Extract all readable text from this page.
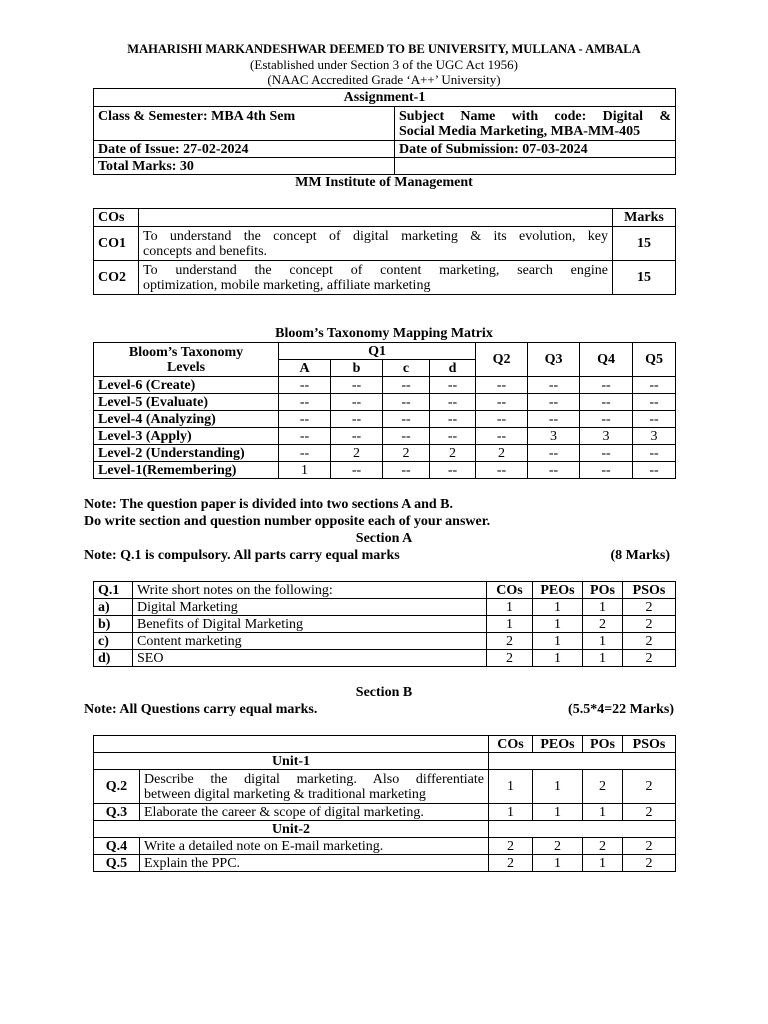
MAHARISHI MARKANDESHWAR DEEMED TO BE UNIVERSITY, MULLANA - AMBALA
(Established under Section 3 of the UGC Act 1956)
(NAAC Accredited Grade ‘A++’ University)
Assignment-1	
Class & Semester: MBA 4th Sem	Subject Name with code: Digital &
Social Media Marketing, MBA-MM-405

Date of Issue: 27-02-2024	Date of Submission: 07-03-2024
Total Marks: 30	
MM Institute of Management
COs		Marks
CO1	To understand the concept of digital marketing & its evolution, key
concepts and benefits.	15
CO2	To understand the concept of content marketing, search engine
optimization, mobile marketing, affiliate marketing	15
Bloom’s Taxonomy Mapping Matrix
Bloom’s Taxonomy
Levels	Q1				Q2	Q3	Q4	Q5
	A	b	c	d				
Level-6 (Create)	--	--	--	--	--	--	--	--
Level-5 (Evaluate)	--	--	--	--	--	--	--	--
Level-4 (Analyzing)	--	--	--	--	--	--	--	--
Level-3 (Apply)	--	--	--	--	--	3	3	3
Level-2 (Understanding)	--	2	2	2	2	--	--	--
Level-1(Remembering)	1	--	--	--	--	--	--	--
Note: The question paper is divided into two sections A and B.
Do write section and question number opposite each of your answer.
Section A
Note: Q.1 is compulsory. All parts carry equal marks	(8 Marks)
Q.1	Write short notes on the following:	COs	PEOs	POs	PSOs
a)	Digital Marketing	1	1	1	2
b)	Benefits of Digital Marketing	1	1	2	2
c)	Content marketing	2	1	1	2
d)	SEO	2	1	1	2
Section B
Note: All Questions carry equal marks.	(5.5*4=22 Marks)
		COs	PEOs	POs	PSOs
Unit-1					
Q.2	Describe the digital marketing. Also differentiate
between digital marketing & traditional marketing	1	1	2	2
Q.3	Elaborate the career & scope of digital marketing.	1	1	1	2
Unit-2					
Q.4	Write a detailed note on E-mail marketing.	2	2	2	2
Q.5	Explain the PPC.	2	1	1	2
